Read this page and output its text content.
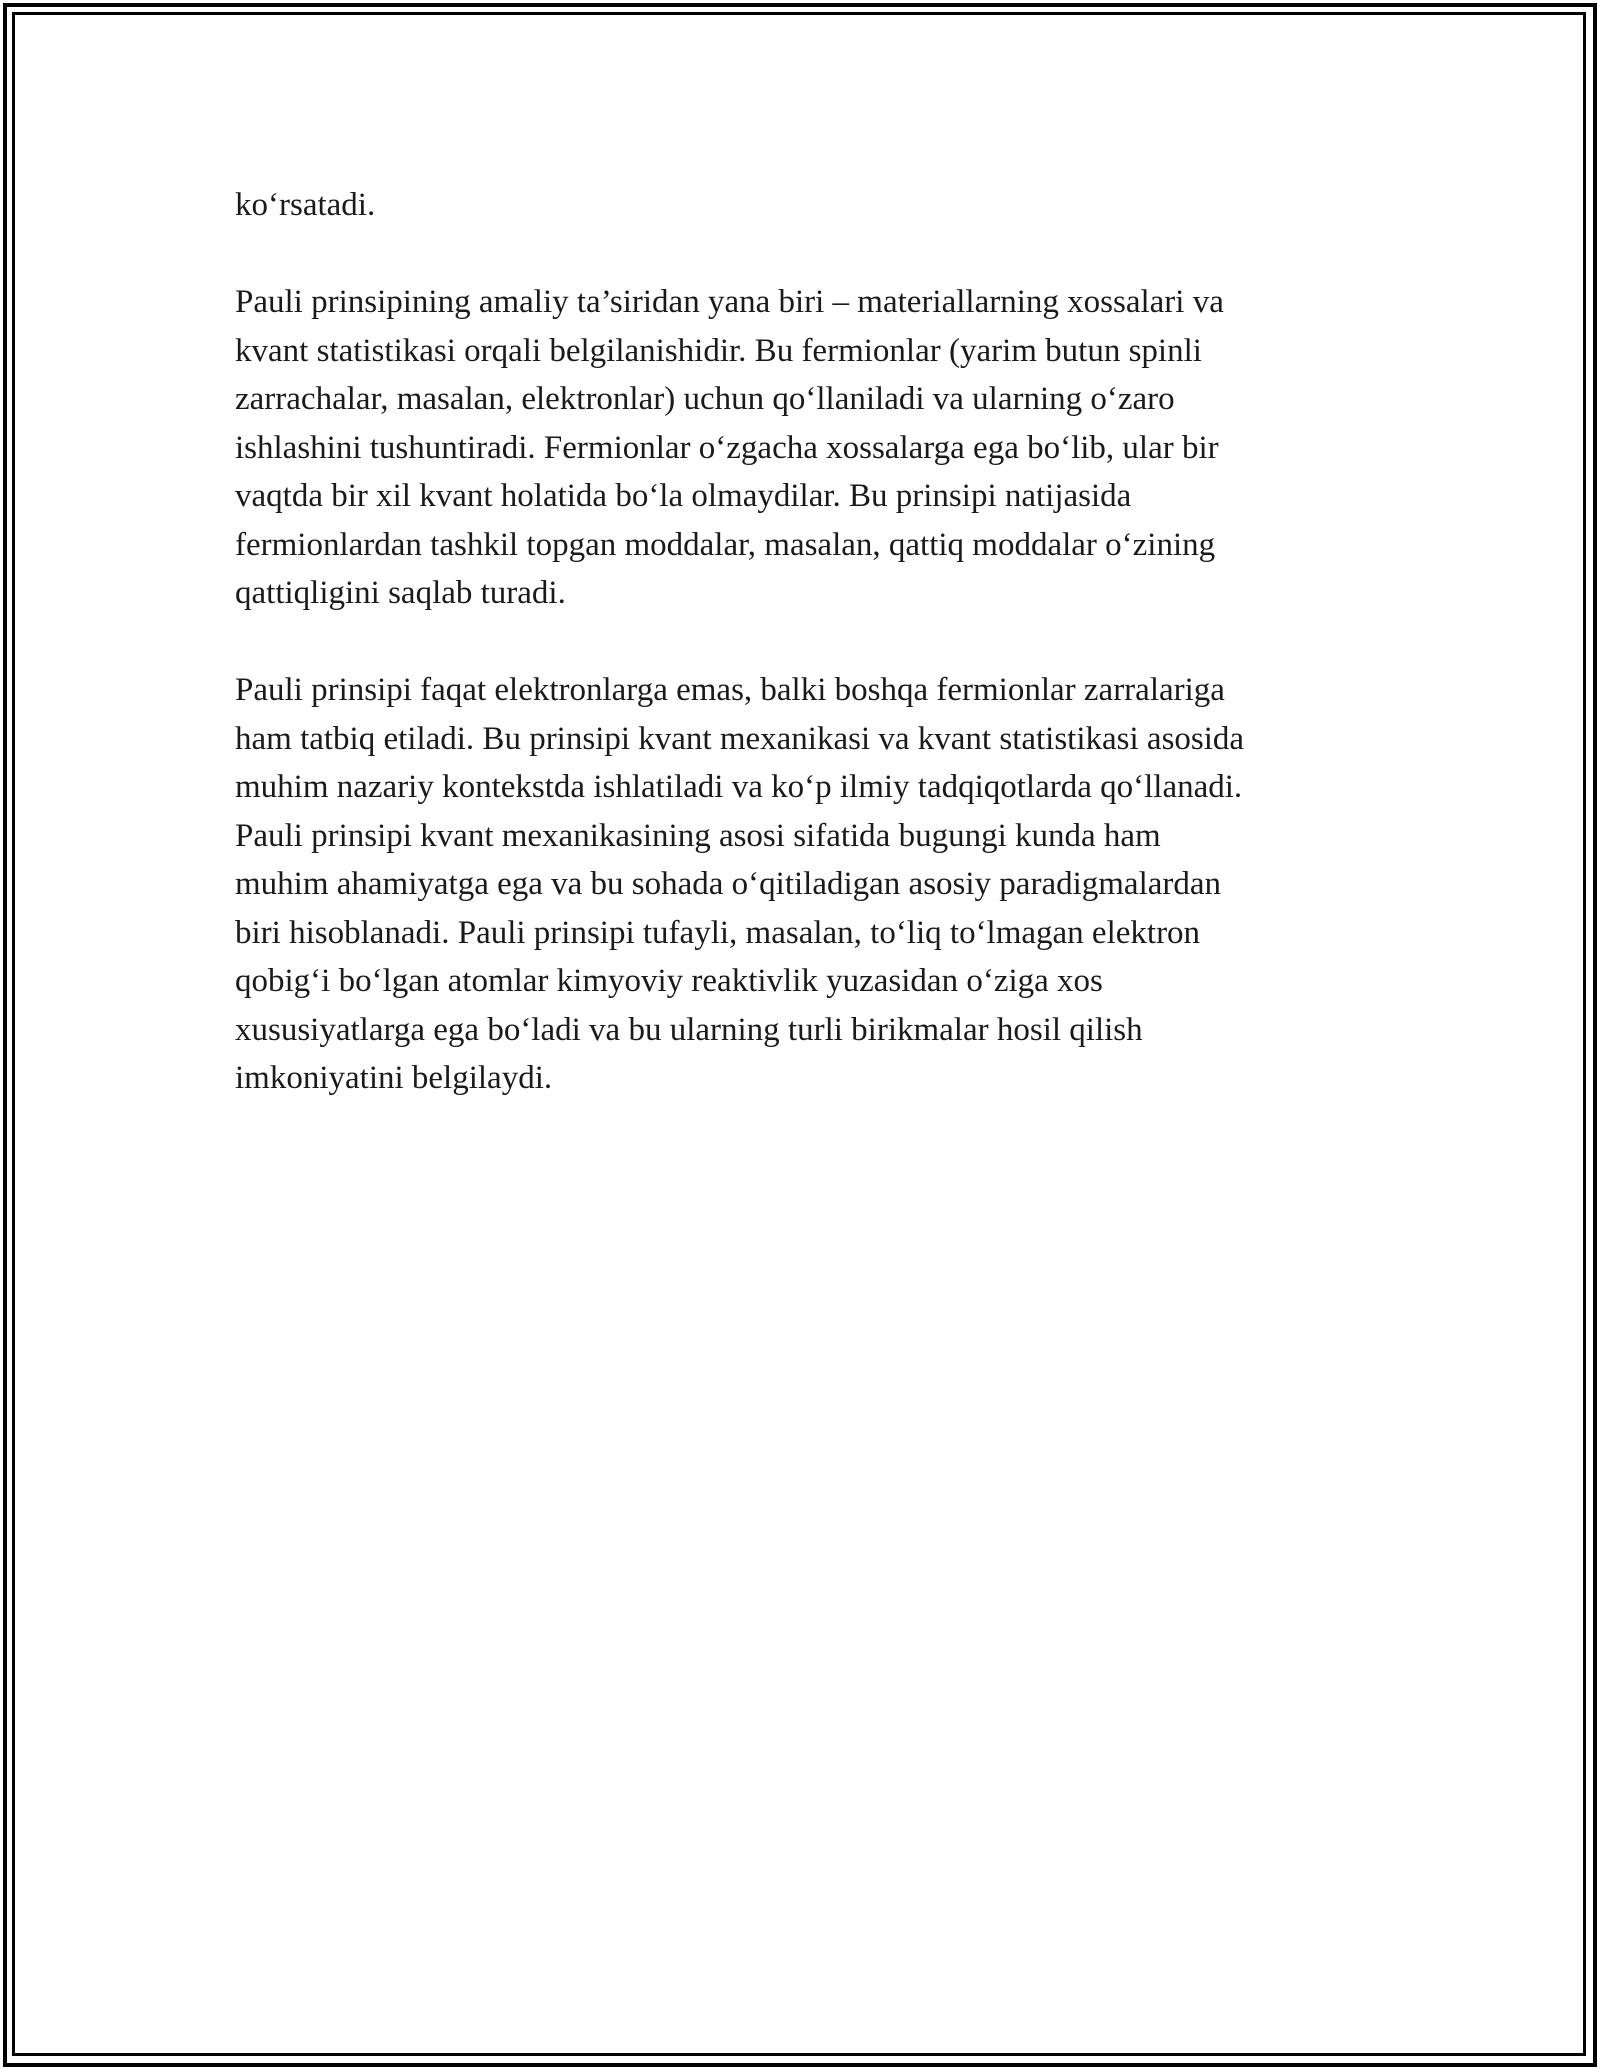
ko‘rsatadi.
Pauli prinsipining amaliy ta’siridan yana biri – materiallarning xossalari va
kvant statistikasi orqali belgilanishidir. Bu fermionlar (yarim butun spinli
zarrachalar, masalan, elektronlar) uchun qo‘llaniladi va ularning o‘zaro
ishlashini tushuntiradi. Fermionlar o‘zgacha xossalarga ega bo‘lib, ular bir
vaqtda bir xil kvant holatida bo‘la olmaydilar. Bu prinsipi natijasida
fermionlardan tashkil topgan moddalar, masalan, qattiq moddalar o‘zining
qattiqligini saqlab turadi.
Pauli prinsipi faqat elektronlarga emas, balki boshqa fermionlar zarralariga
ham tatbiq etiladi. Bu prinsipi kvant mexanikasi va kvant statistikasi asosida
muhim nazariy kontekstda ishlatiladi va ko‘p ilmiy tadqiqotlarda qo‘llanadi.
Pauli prinsipi kvant mexanikasining asosi sifatida bugungi kunda ham
muhim ahamiyatga ega va bu sohada o‘qitiladigan asosiy paradigmalardan
biri hisoblanadi. Pauli prinsipi tufayli, masalan, to‘liq to‘lmagan elektron
qobig‘i bo‘lgan atomlar kimyoviy reaktivlik yuzasidan o‘ziga xos
xususiyatlarga ega bo‘ladi va bu ularning turli birikmalar hosil qilish
imkoniyatini belgilaydi.
